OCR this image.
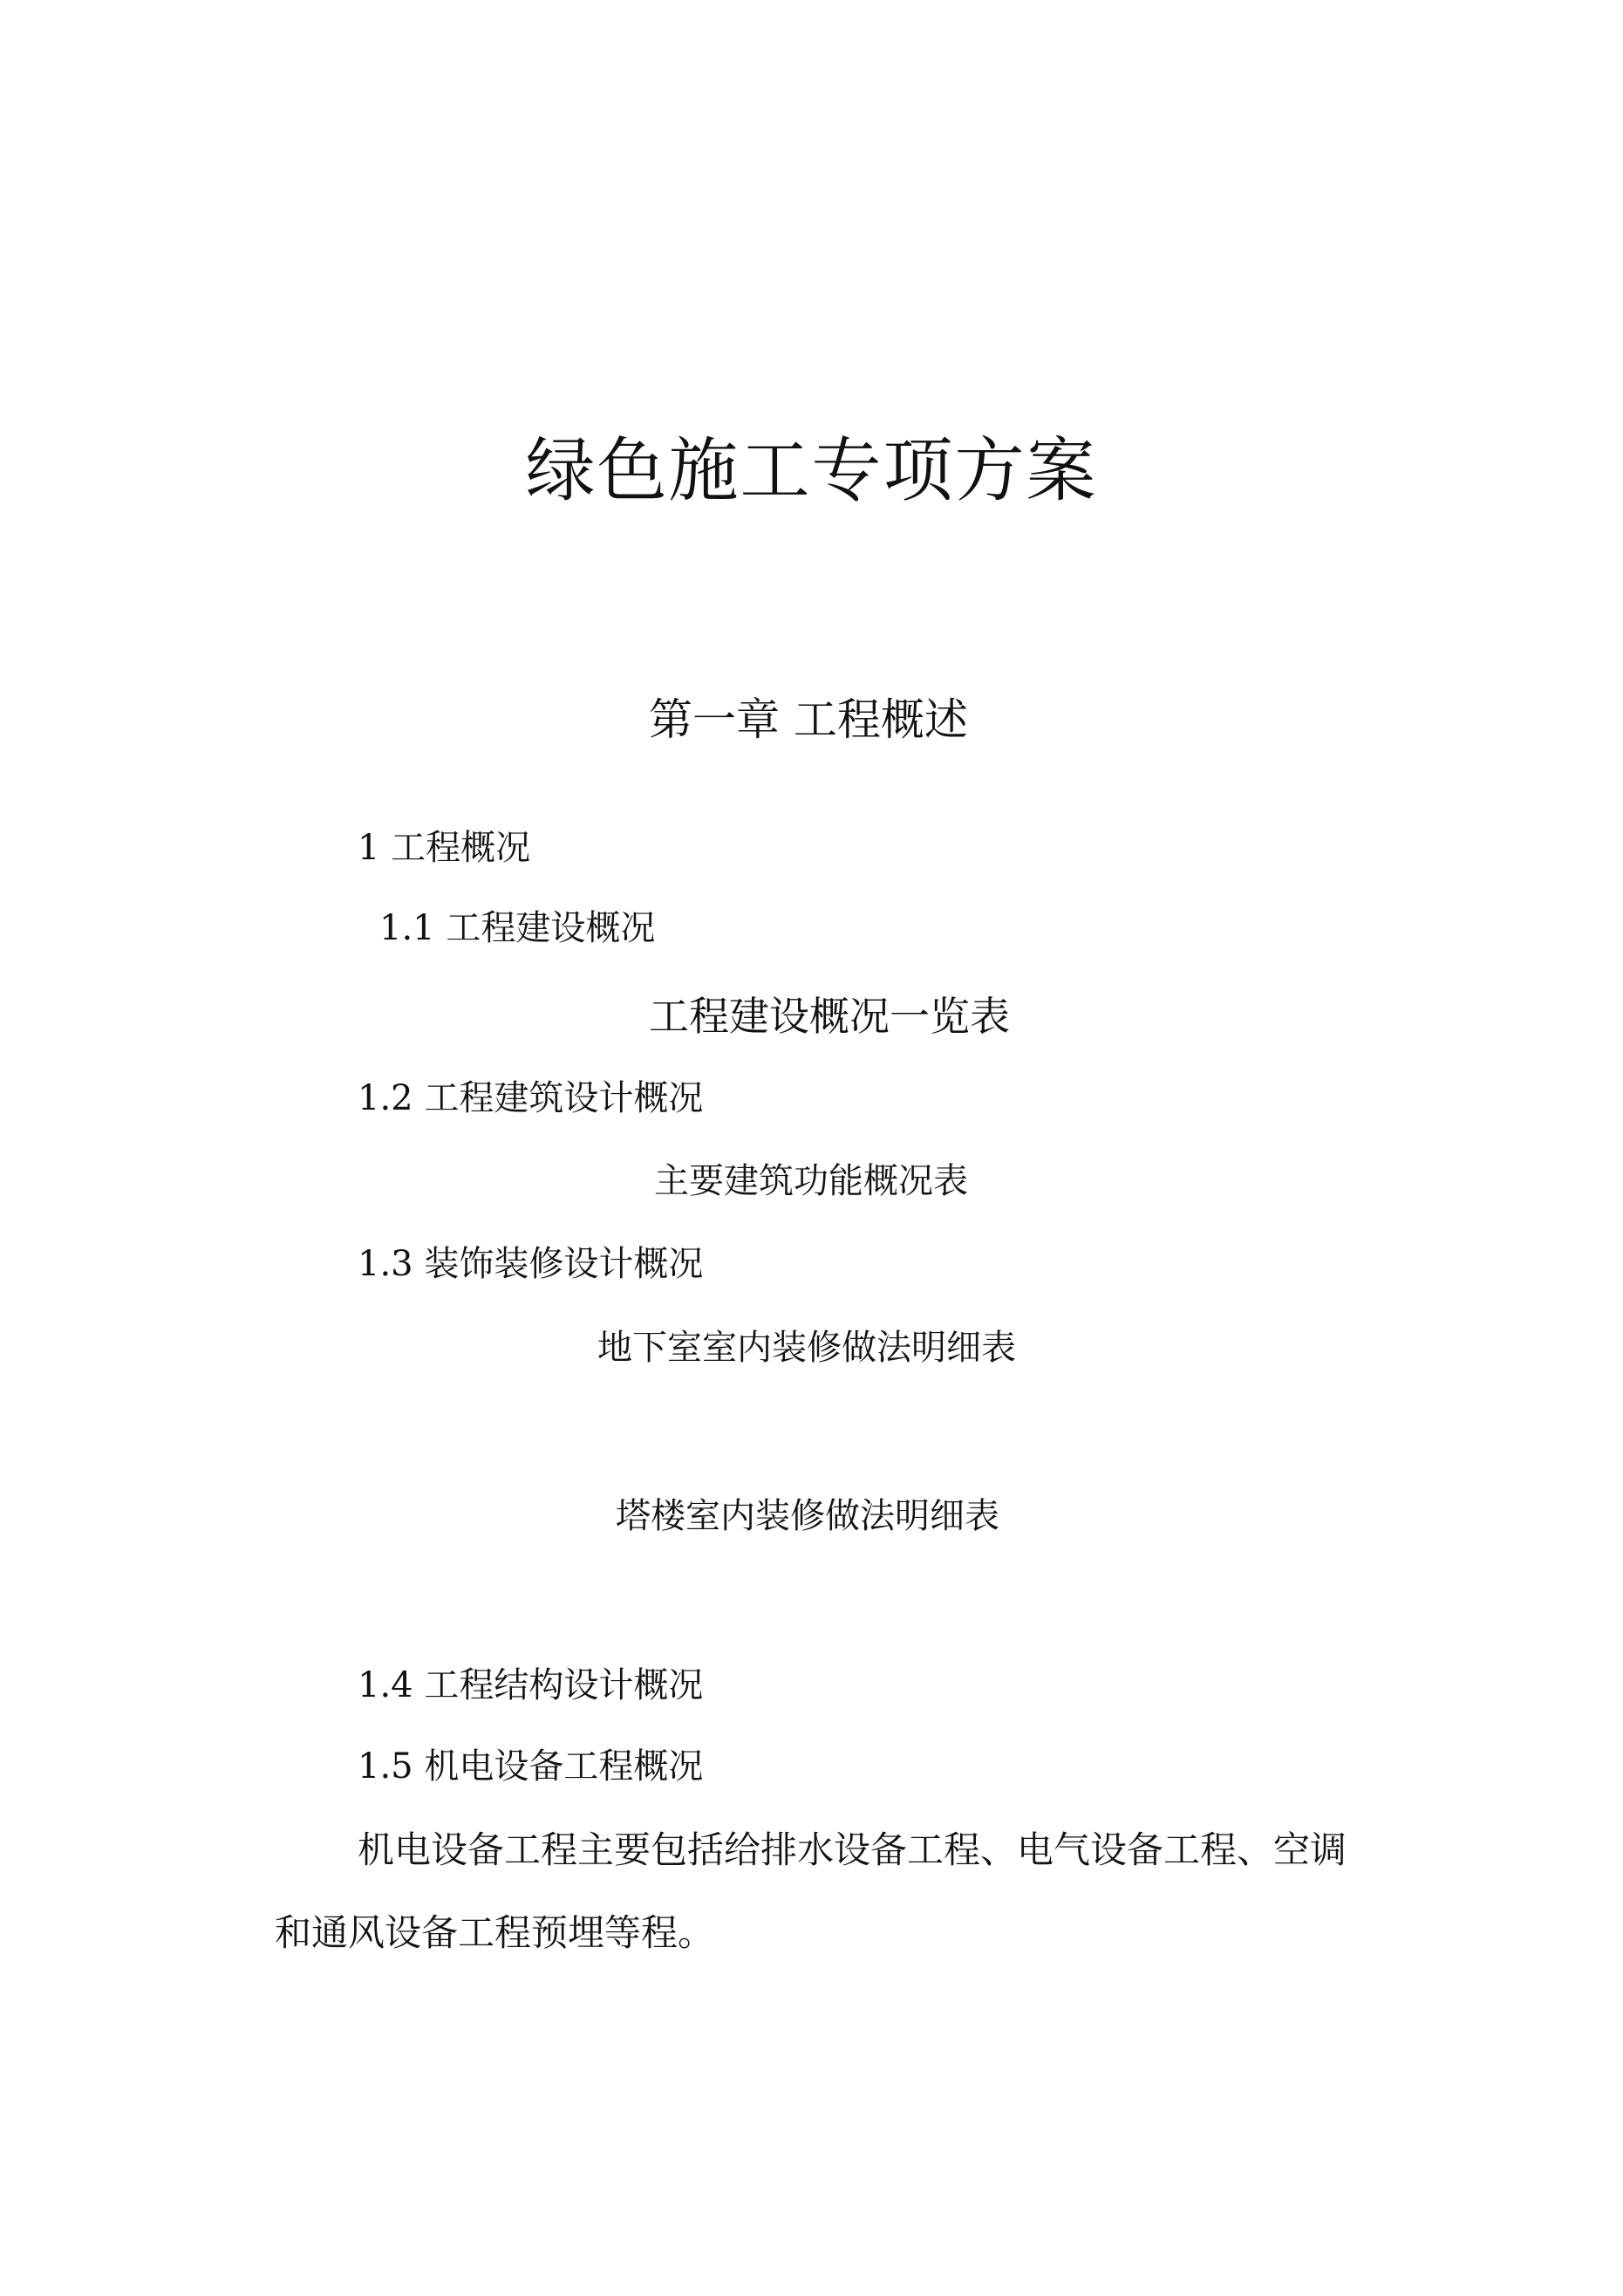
绿色施工专项方案
第一章 工程概述
1 工程概况
1.1 工程建设概况
工程建设概况一览表
1.2 工程建筑设计概况
主要建筑功能概况表
1.3 装饰装修设计概况
地下室室内装修做法明细表
塔楼室内装修做法明细表
1.4 工程结构设计概况
1.5 机电设备工程概况
机电设备工程主要包括给排水设备工程、电气设备工程、空调
和通风设备工程预埋等程。
